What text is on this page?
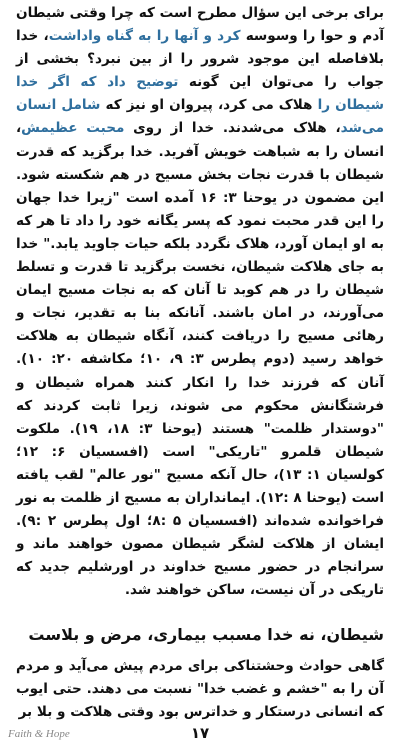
برای برخی این سؤال مطرح است که چرا وقتی شیطان آدم و حوا را وسوسه کرد و آنها را به گناه واداشت، خدا بلافاصله این موجود شرور را از بین نبرد؟ بخشی از جواب را می‌توان این گونه توضیح داد که اگر خدا شیطان را هلاک می کرد، پیروان او نیز که شامل انسان می‌شد، هلاک می‌شدند. خدا از روی محبت عظیمش، انسان را به شباهت خویش آفرید. خدا برگزید که قدرت شیطان با قدرت نجات بخش مسیح در هم شکسته شود. این مضمون در یوحنا ۳: ۱۶ آمده است "زیرا خدا جهان را این قدر محبت نمود که پسر یگانه خود را داد تا هر که به او ایمان آورد، هلاک نگردد بلکه حیات جاوید یابد." خدا به جای هلاکت شیطان، نخست برگزید تا قدرت و تسلط شیطان را در هم کوبد تا آنان که به نجات مسیح ایمان می‌آورند، در امان باشند. آنانکه بنا به تقدیر، نجات و رهائی مسیح را دریافت کنند، آنگاه شیطان به هلاکت خواهد رسید (دوم پطرس ۳: ۹، ۱۰؛ مکاشفه ۲۰: ۱۰). آنان که فرزند خدا را انکار کنند همراه شیطان و فرشتگانش محکوم می شوند، زیرا ثابت کردند که "دوستدار ظلمت" هستند (یوحنا ۳: ۱۸، ۱۹). ملکوت شیطان قلمرو "تاریکی" است (افسسیان ۶: ۱۲؛ کولسیان ۱: ۱۳)، حال آنکه مسیح "نور عالم" لقب یافته است (یوحنا ۸ :۱۲). ایمانداران به مسیح از ظلمت به نور فراخوانده شده‌اند (افسسیان ۵ :۸؛ اول پطرس ۲ :۹). ایشان از هلاکت لشگر شیطان مصون خواهند ماند و سرانجام در حضور مسیح خداوند در اورشلیم جدید که تاریکی در آن نیست، ساکن خواهند شد.

شیطان، نه خدا مسبب بیماری، مرض و بلاست
گاهی حوادث وحشتناکی برای مردم پیش می‌آید و مردم آن را به "خشم و غضب خدا" نسبت می دهند. حتی ایوب که انسانی درستکار و خداترس بود وقتی هلاکت و بلا بر
Faith & Hope	۱۷
